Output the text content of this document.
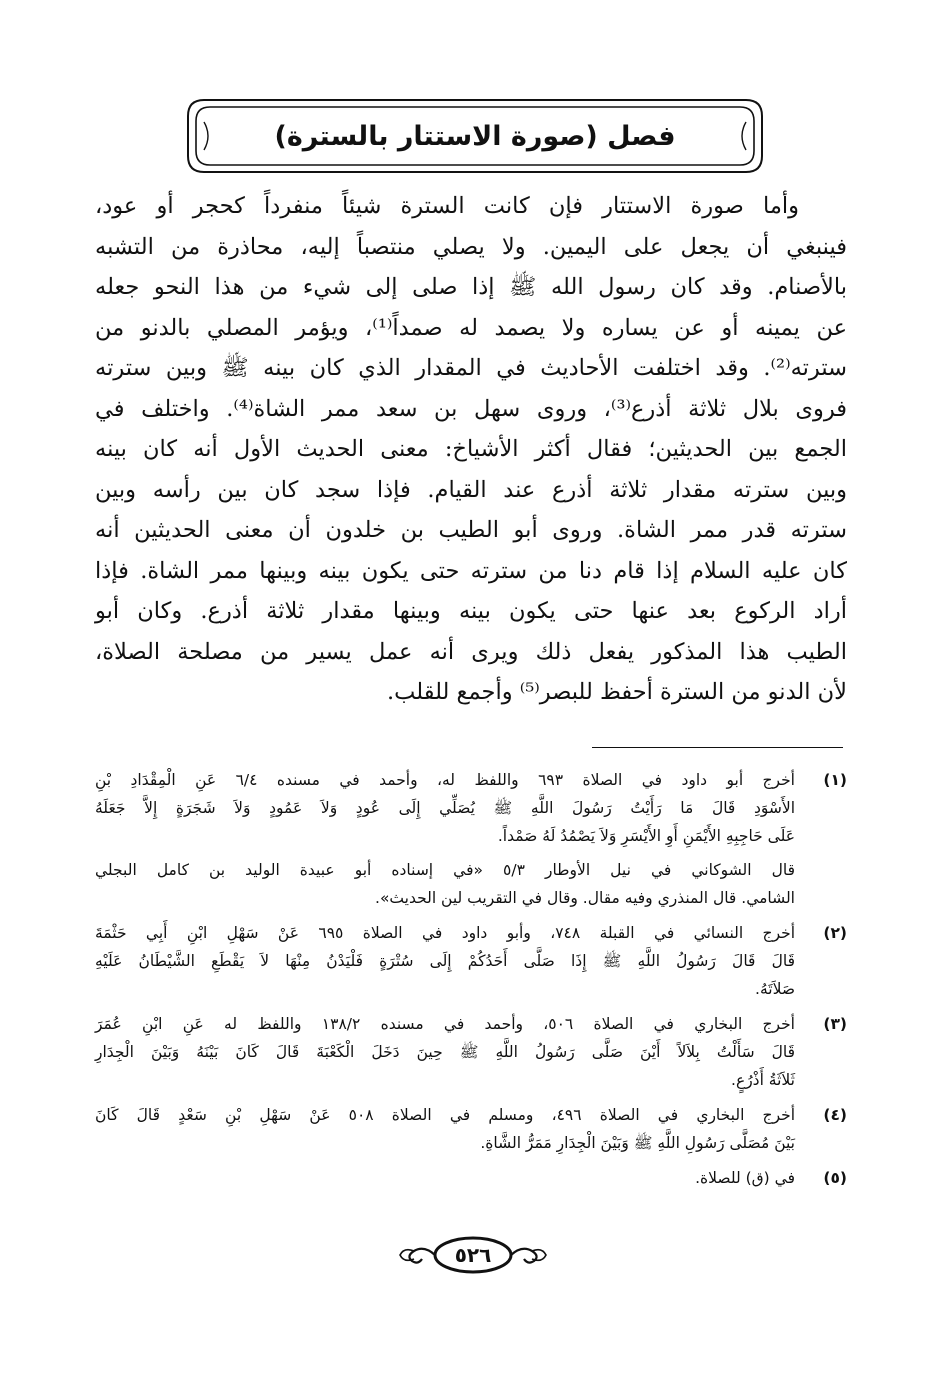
فصل (صورة الاستتار بالسترة)
وأما صورة الاستتار فإن كانت السترة شيئاً منفرداً كحجر أو عود،
فينبغي أن يجعل على اليمين. ولا يصلي منتصباً إليه، محاذرة من التشبه
بالأصنام. وقد كان رسول الله ﷺ إذا صلى إلى شيء من هذا النحو جعله
عن يمينه أو عن يساره ولا يصمد له صمداً⁽¹⁾، ويؤمر المصلي بالدنو من
سترته⁽²⁾. وقد اختلفت الأحاديث في المقدار الذي كان بينه ﷺ وبين سترته
فروى بلال ثلاثة أذرع⁽³⁾، وروى سهل بن سعد ممر الشاة⁽⁴⁾. واختلف في
الجمع بين الحديثين؛ فقال أكثر الأشياخ: معنى الحديث الأول أنه كان بينه
وبين سترته مقدار ثلاثة أذرع عند القيام. فإذا سجد كان بين رأسه وبين
سترته قدر ممر الشاة. وروى أبو الطيب بن خلدون أن معنى الحديثين أنه
كان عليه السلام إذا قام دنا من سترته حتى يكون بينه وبينها ممر الشاة. فإذا
أراد الركوع بعد عنها حتى يكون بينه وبينها مقدار ثلاثة أذرع. وكان أبو
الطيب هذا المذكور يفعل ذلك ويرى أنه عمل يسير من مصلحة الصلاة،
لأن الدنو من السترة أحفظ للبصر⁽⁵⁾ وأجمع للقلب.
(١)
أخرج أبو داود في الصلاة ٦٩٣ واللفظ له، وأحمد في مسنده ٦/٤ عَنِ الْمِقْدَادِ بْنِ
الأَسْوَدِ قَالَ مَا رَأَيْتُ رَسُولَ اللَّهِ ﷺ يُصَلِّي إِلَى عُودٍ وَلاَ عَمُودٍ وَلاَ شَجَرَةٍ إِلاَّ جَعَلَهُ
عَلَى حَاجِبِهِ الأَيْمَنِ أَوِ الأَيْسَرِ وَلاَ يَصْمُدُ لَهُ صَمْداً.
قال الشوكاني في نيل الأوطار ٥/٣ «في إسناده أبو عبيدة الوليد بن كامل البجلي
الشامي. قال المنذري وفيه مقال. وقال في التقريب لين الحديث».
(٢)
أخرج النسائي في القبلة ٧٤٨، وأبو داود في الصلاة ٦٩٥ عَنْ سَهْلِ ابْنِ أَبِي حَثْمَةَ
قَالَ قَالَ رَسُولُ اللَّهِ ﷺ إِذَا صَلَّى أَحَدُكُمْ إِلَى سُتْرَةٍ فَلْيَدْنُ مِنْهَا لاَ يَقْطَعِ الشَّيْطَانُ عَلَيْهِ
صَلاَتَهُ.
(٣)
أخرج البخاري في الصلاة ٥٠٦، وأحمد في مسنده ١٣٨/٢ واللفظ له عَنِ ابْنِ عُمَرَ
قَالَ سَأَلْتُ بِلاَلاً أَيْنَ صَلَّى رَسُولُ اللَّهِ ﷺ حِينَ دَخَلَ الْكَعْبَةَ قَالَ كَانَ بَيْنَهُ وَبَيْنَ الْجِدَارِ
ثَلاَثَةُ أَذْرُعٍ.
(٤)
أخرج البخاري في الصلاة ٤٩٦، ومسلم في الصلاة ٥٠٨ عَنْ سَهْلِ بْنِ سَعْدٍ قَالَ كَانَ
بَيْنَ مُصَلَّى رَسُولِ اللَّهِ ﷺ وَبَيْنَ الْجِدَارِ مَمَرُّ الشَّاةِ.
(٥)
في (ق) للصلاة.
٥٢٦
